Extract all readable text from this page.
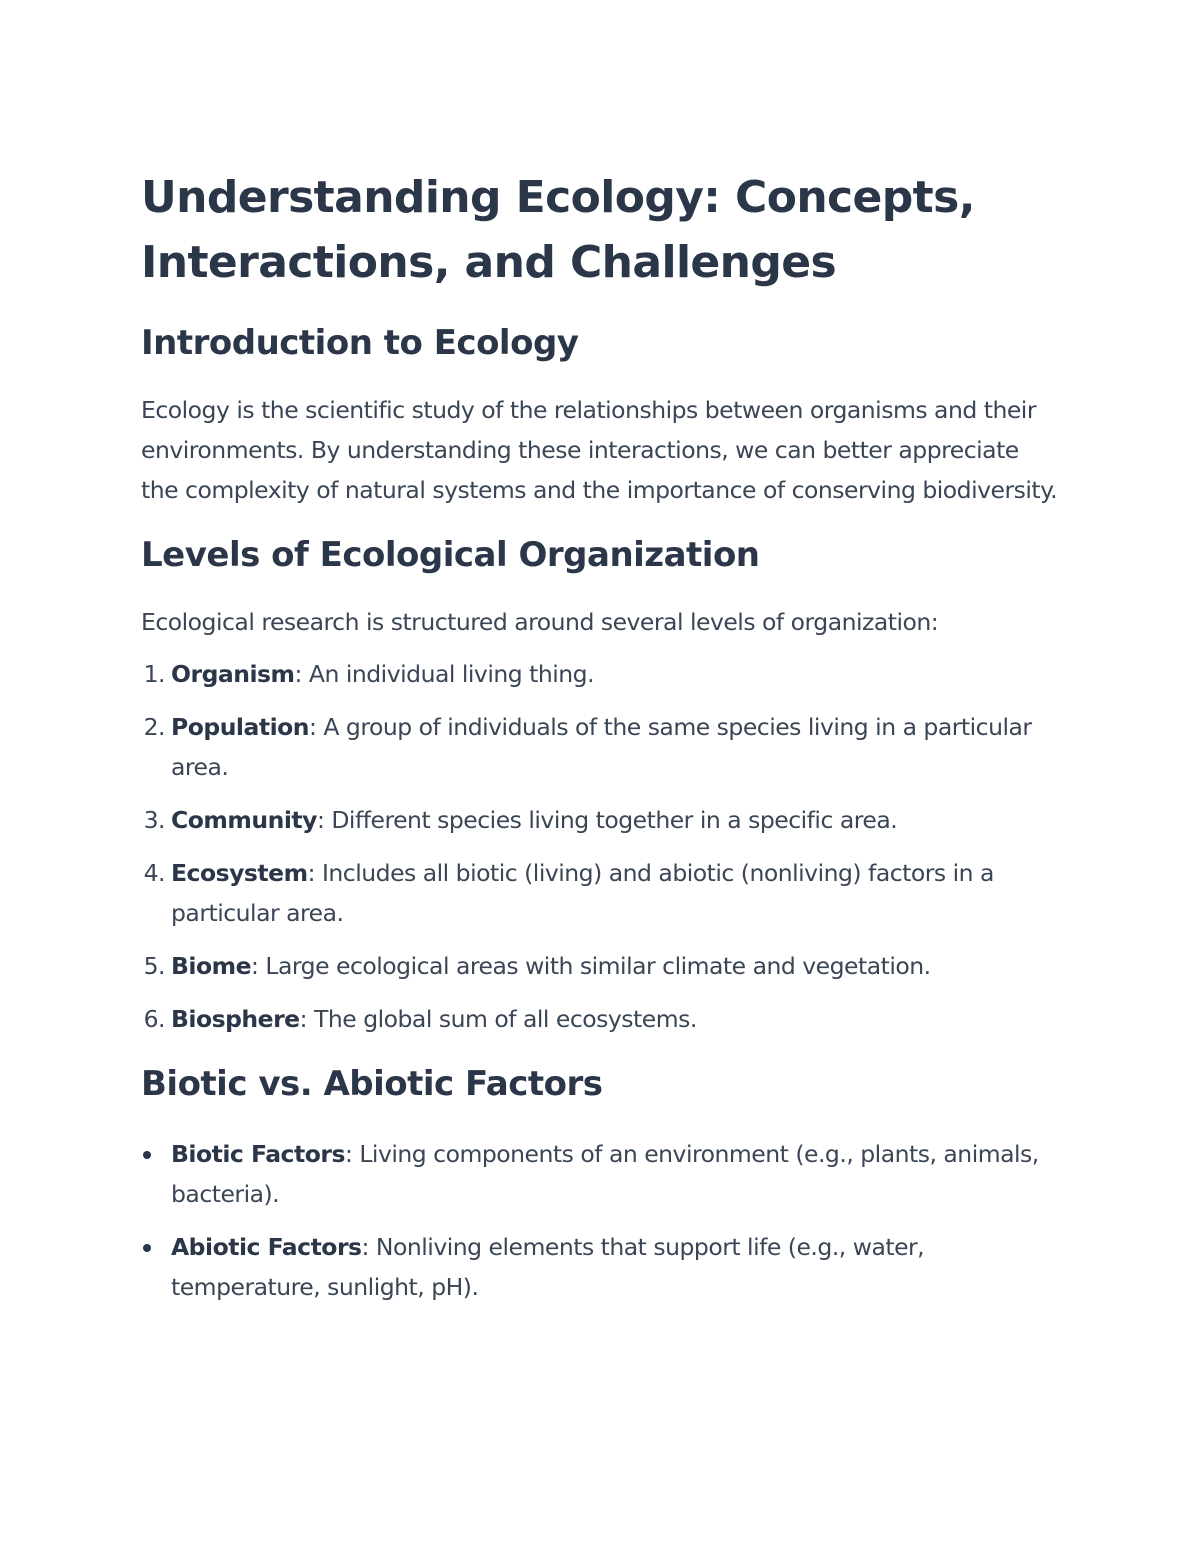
Understanding Ecology: Concepts, Interactions, and Challenges
Introduction to Ecology

Ecology is the scientific study of the relationships between organisms and their environments. By understanding these interactions, we can better appreciate the complexity of natural systems and the importance of conserving biodiversity.

Levels of Ecological Organization

Ecological research is structured around several levels of organization:

1. Organism: An individual living thing.
2. Population: A group of individuals of the same species living in a particular area.
3. Community: Different species living together in a specific area.
4. Ecosystem: Includes all biotic (living) and abiotic (nonliving) factors in a particular area.
5. Biome: Large ecological areas with similar climate and vegetation.
6. Biosphere: The global sum of all ecosystems.
Biotic vs. Abiotic Factors
Biotic Factors: Living components of an environment (e.g., plants, animals, bacteria).
Abiotic Factors: Nonliving elements that support life (e.g., water, temperature, sunlight, pH).
